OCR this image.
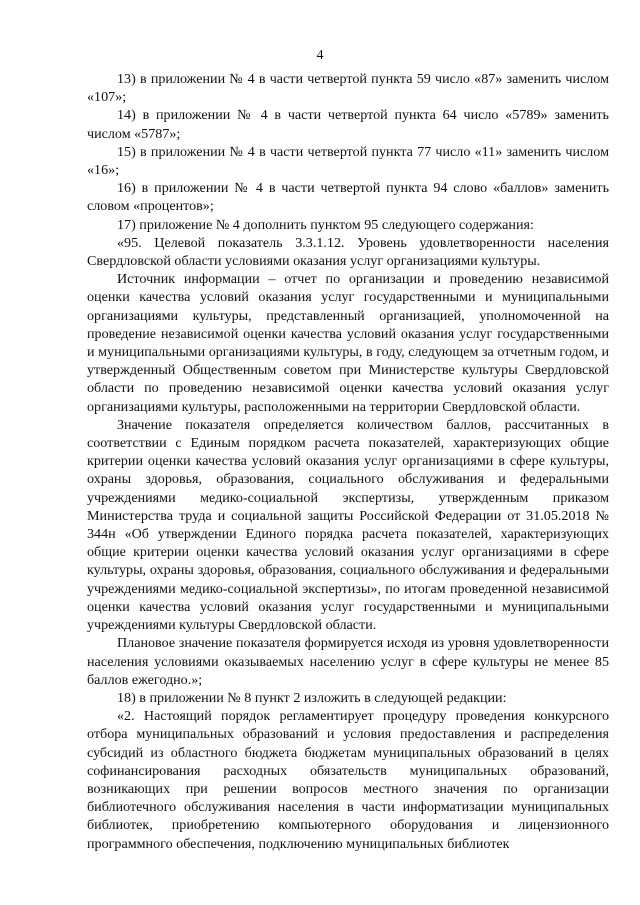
4

13) в приложении № 4 в части четвертой пункта 59 число «87» заменить числом «107»;

14) в приложении № 4 в части четвертой пункта 64 число «5789» заменить числом «5787»;

15) в приложении № 4 в части четвертой пункта 77 число «11» заменить числом «16»;

16) в приложении № 4 в части четвертой пункта 94 слово «баллов» заменить словом «процентов»;

17) приложение № 4 дополнить пунктом 95 следующего содержания:

«95. Целевой показатель 3.3.1.12. Уровень удовлетворенности населения Свердловской области условиями оказания услуг организациями культуры.

Источник информации – отчет по организации и проведению независимой оценки качества условий оказания услуг государственными и муниципальными организациями культуры, представленный организацией, уполномоченной на проведение независимой оценки качества условий оказания услуг государственными и муниципальными организациями культуры, в году, следующем за отчетным годом, и утвержденный Общественным советом при Министерстве культуры Свердловской области по проведению независимой оценки качества условий оказания услуг организациями культуры, расположенными на территории Свердловской области.

Значение показателя определяется количеством баллов, рассчитанных в соответствии с Единым порядком расчета показателей, характеризующих общие критерии оценки качества условий оказания услуг организациями в сфере культуры, охраны здоровья, образования, социального обслуживания и федеральными учреждениями медико-социальной экспертизы, утвержденным приказом Министерства труда и социальной защиты Российской Федерации от 31.05.2018 № 344н «Об утверждении Единого порядка расчета показателей, характеризующих общие критерии оценки качества условий оказания услуг организациями в сфере культуры, охраны здоровья, образования, социального обслуживания и федеральными учреждениями медико-социальной экспертизы», по итогам проведенной независимой оценки качества условий оказания услуг государственными и муниципальными учреждениями культуры Свердловской области.

Плановое значение показателя формируется исходя из уровня удовлетворенности населения условиями оказываемых населению услуг в сфере культуры не менее 85 баллов ежегодно.»;

18) в приложении № 8 пункт 2 изложить в следующей редакции:

«2. Настоящий порядок регламентирует процедуру проведения конкурсного отбора муниципальных образований и условия предоставления и распределения субсидий из областного бюджета бюджетам муниципальных образований в целях софинансирования расходных обязательств муниципальных образований, возникающих при решении вопросов местного значения по организации библиотечного обслуживания населения в части информатизации муниципальных библиотек, приобретению компьютерного оборудования и лицензионного программного обеспечения, подключению муниципальных библиотек
